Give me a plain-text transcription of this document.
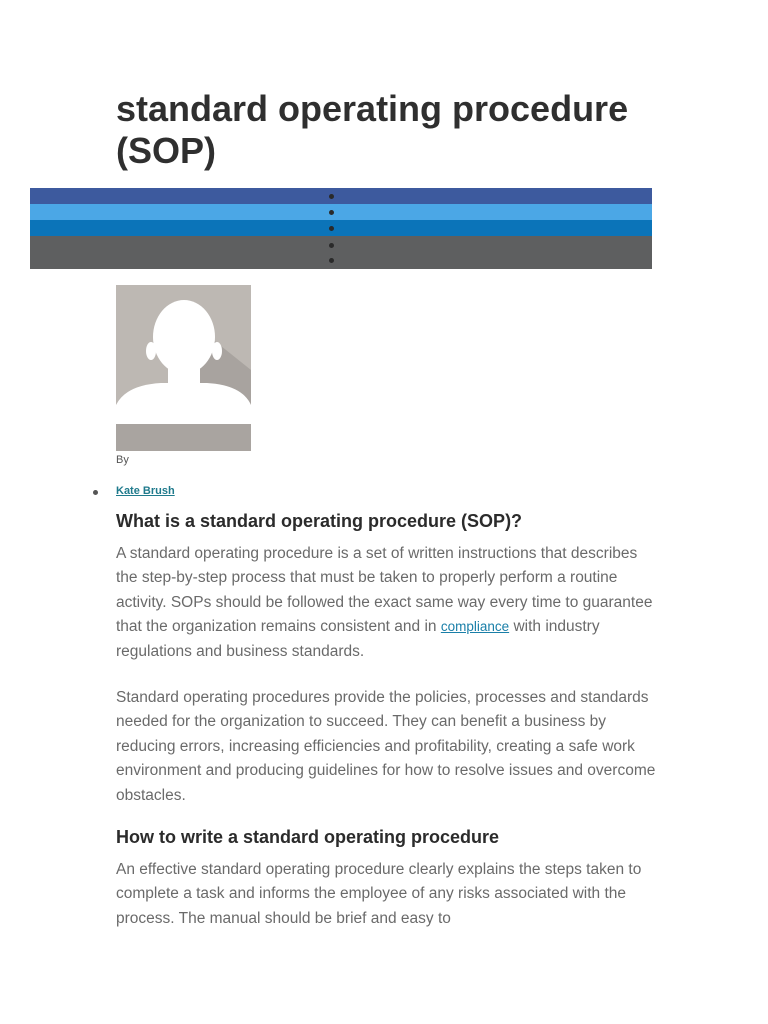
standard operating procedure (SOP)
By
Kate Brush
What is a standard operating procedure (SOP)?

A standard operating procedure is a set of written instructions that describes the step-by-step process that must be taken to properly perform a routine activity. SOPs should be followed the exact same way every time to guarantee that the organization remains consistent and in compliance with industry regulations and business standards.

Standard operating procedures provide the policies, processes and standards needed for the organization to succeed. They can benefit a business by reducing errors, increasing efficiencies and profitability, creating a safe work environment and producing guidelines for how to resolve issues and overcome obstacles.

How to write a standard operating procedure

An effective standard operating procedure clearly explains the steps taken to complete a task and informs the employee of any risks associated with the process. The manual should be brief and easy to
